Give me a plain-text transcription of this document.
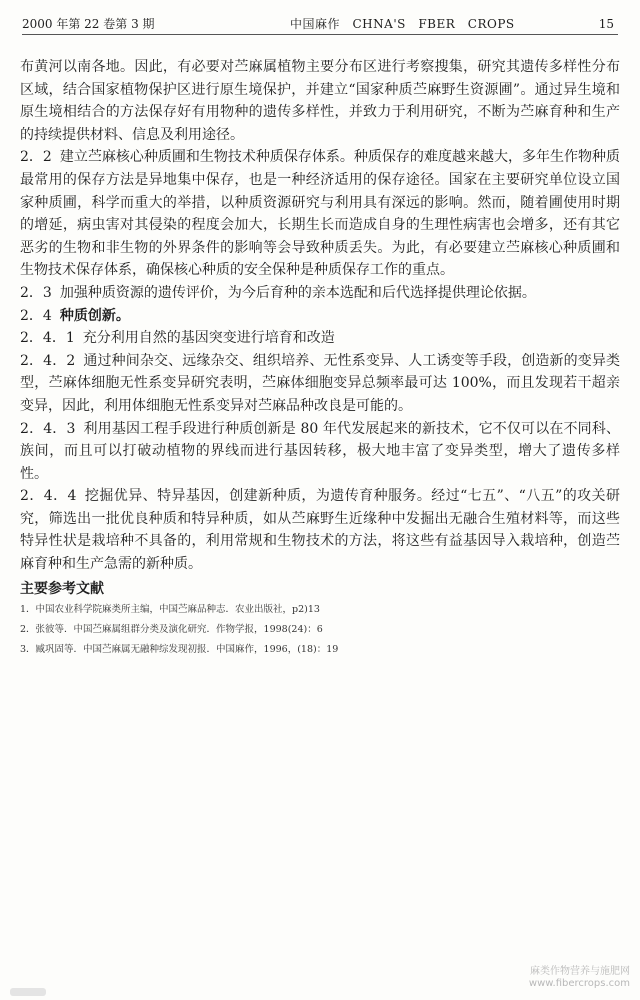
2000 年第 22 卷第 3 期	中国麻作　CHNA'S　FBER　CROPS	15

布黄河以南各地。因此，有必要对苎麻属植物主要分布区进行考察搜集，研究其遗传多样性分布区域，结合国家植物保护区进行原生境保护，并建立“国家种质苎麻野生资源圃”。通过异生境和原生境相结合的方法保存好有用物种的遗传多样性，并致力于利用研究，不断为苎麻育种和生产的持续提供材料、信息及利用途径。

2．2 建立苎麻核心种质圃和生物技术种质保存体系。种质保存的难度越来越大，多年生作物种质最常用的保存方法是异地集中保存，也是一种经济适用的保存途径。国家在主要研究单位设立国家种质圃，科学而重大的举措，以种质资源研究与利用具有深远的影响。然而，随着圃使用时期的增延，病虫害对其侵染的程度会加大，长期生长而造成自身的生理性病害也会增多，还有其它恶劣的生物和非生物的外界条件的影响等会导致种质丢失。为此，有必要建立苎麻核心种质圃和生物技术保存体系，确保核心种质的安全保种是种质保存工作的重点。

2．3 加强种质资源的遗传评价，为今后育种的亲本选配和后代选择提供理论依据。

2．4 种质创新。

2．4．1 充分利用自然的基因突变进行培育和改造

2．4．2 通过种间杂交、远缘杂交、组织培养、无性系变异、人工诱变等手段，创造新的变异类型，苎麻体细胞无性系变异研究表明，苎麻体细胞变异总频率最可达 100%，而且发现若干超亲变异，因此，利用体细胞无性系变异对苎麻品种改良是可能的。

2．4．3 利用基因工程手段进行种质创新是 80 年代发展起来的新技术，它不仅可以在不同科、族间，而且可以打破动植物的界线而进行基因转移，极大地丰富了变异类型，增大了遗传多样性。

2．4．4 挖掘优异、特异基因，创建新种质，为遗传育种服务。经过“七五”、“八五”的攻关研究，筛选出一批优良种质和特异种质，如从苎麻野生近缘种中发掘出无融合生殖材料等，而这些特异性状是栽培种不具备的，利用常规和生物技术的方法，将这些有益基因导入栽培种，创造苎麻育种和生产急需的新种质。

主要参考文献
1．中国农业科学院麻类所主编，中国苎麻品种志．农业出版社，p2)13
2．张彼等．中国苎麻属组群分类及演化研究．作物学报，1998(24)：6
3．臧巩固等．中国苎麻属无融种综发现初报．中国麻作，1996，(18)：19
麻类作物营养与施肥网
www.fibercrops.com
